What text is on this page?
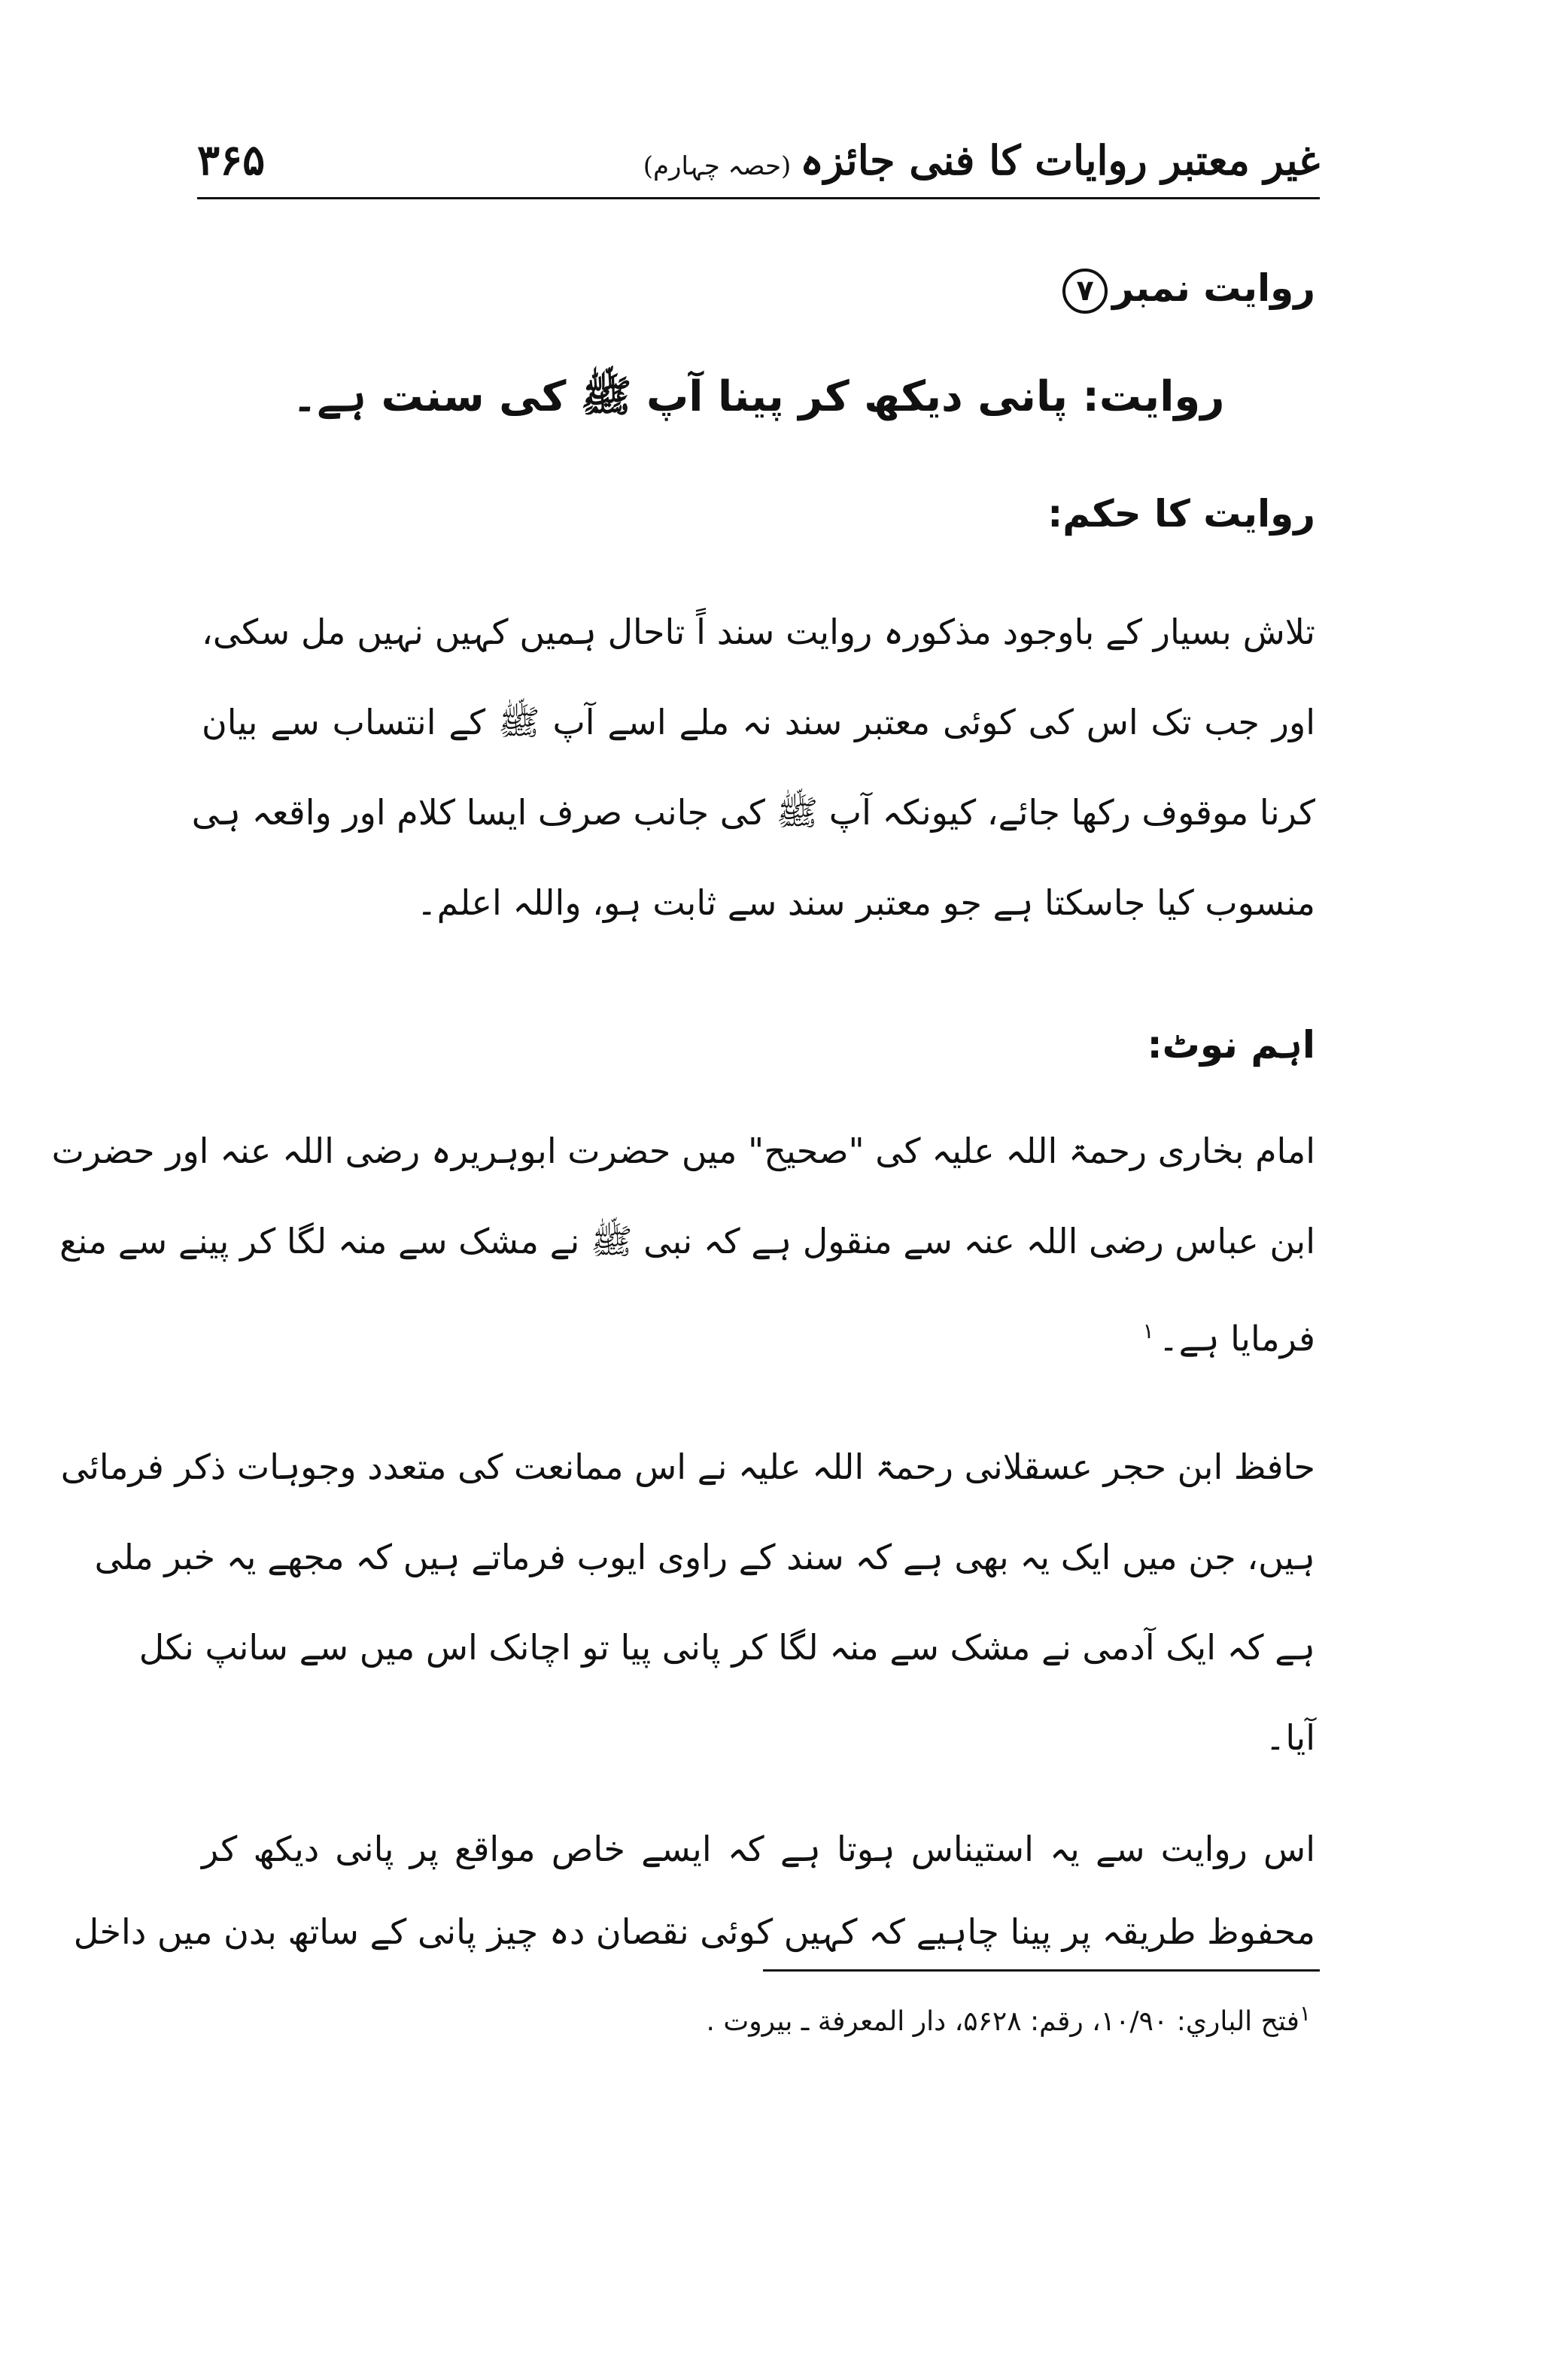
غیر معتبر روایات کا فنی جائزہ(حصہ چہارم)
۳۶۵
روایت نمبر۷
روایت: پانی دیکھ کر پینا آپ ﷺ کی سنت ہے۔
روایت کا حکم:
تلاش بسیار کے باوجود مذکورہ روایت سند اً تاحال ہمیں کہیں نہیں مل سکی،
اور جب تک اس کی کوئی معتبر سند نہ ملے اسے آپ ﷺ کے انتساب سے بیان
کرنا موقوف رکھا جائے، کیونکہ آپ ﷺ کی جانب صرف ایسا کلام اور واقعہ ہی
منسوب کیا جاسکتا ہے جو معتبر سند سے ثابت ہو، واللہ اعلم۔
اہم نوٹ:
امام بخاری رحمۃ اللہ علیہ کی "صحیح" میں حضرت ابوہریرہ رضی اللہ عنہ اور حضرت
ابن عباس رضی اللہ عنہ سے منقول ہے کہ نبی ﷺ نے مشک سے منہ لگا کر پینے سے منع
فرمایا ہے۔$^۱$
حافظ ابن حجر عسقلانی رحمۃ اللہ علیہ نے اس ممانعت کی متعدد وجوہات ذکر فرمائی
ہیں، جن میں ایک یہ بھی ہے کہ سند کے راوی ایوب فرماتے ہیں کہ مجھے یہ خبر ملی
ہے کہ ایک آدمی نے مشک سے منہ لگا کر پانی پیا تو اچانک اس میں سے سانپ نکل
آیا۔
اس روایت سے یہ استیناس ہوتا ہے کہ ایسے خاص مواقع پر پانی دیکھ کر
محفوظ طریقہ پر پینا چاہیے کہ کہیں کوئی نقصان دہ چیز پانی کے ساتھ بدن میں داخل
$^۱$فتح الباري: ۱۰/۹۰، رقم: ۵۶۲۸، دار المعرفة ـ بيروت .
